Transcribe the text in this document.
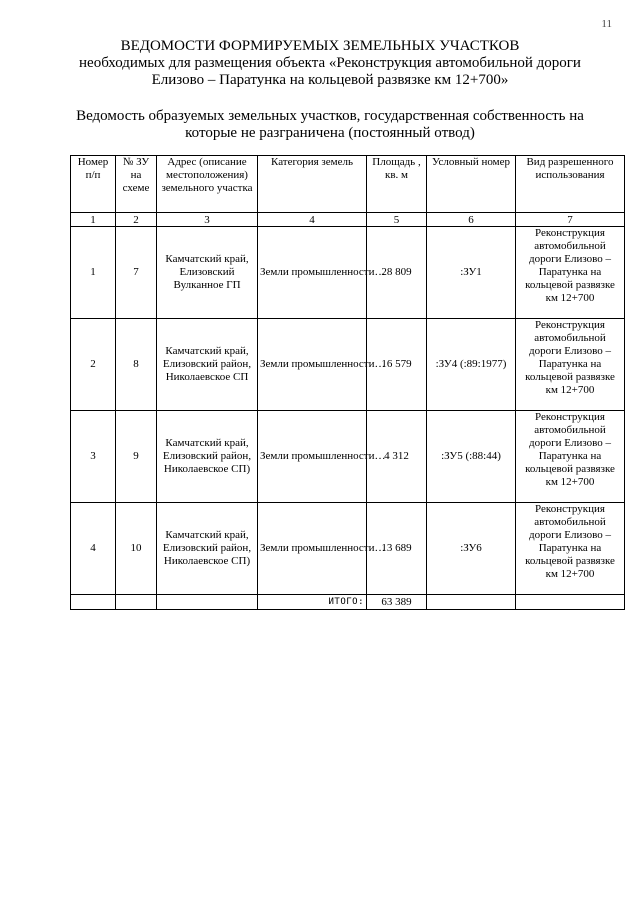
11
ВЕДОМОСТИ ФОРМИРУЕМЫХ ЗЕМЕЛЬНЫХ УЧАСТКОВ
необходимых для размещения объекта «Реконструкция автомобильной дороги Елизово – Паратунка на кольцевой развязке км 12+700»
Ведомость образуемых земельных участков, государственная собственность на которые не разграничена (постоянный отвод)
Номер п/п	№ ЗУ на схеме	Адрес (описание местоположения) земельного участка	Категория земель	Площадь , кв. м	Условный номер	Вид разрешенного использования
1	2	3	4	5	6	7
1	7	Камчатский край, Елизовский Вулканное ГП	Земли промышленности…	28 809	:ЗУ1	Реконструкция автомобильной дороги Елизово – Паратунка на кольцевой развязке км 12+700
2	8	Камчатский край, Елизовский район, Николаевское СП	Земли промышленности…	16 579	:ЗУ4 (:89:1977)	Реконструкция автомобильной дороги Елизово – Паратунка на кольцевой развязке км 12+700
3	9	Камчатский край, Елизовский район, Николаевское СП)	Земли промышленности…	4 312	:ЗУ5 (:88:44)	Реконструкция автомобильной дороги Елизово – Паратунка на кольцевой развязке км 12+700
4	10	Камчатский край, Елизовский район, Николаевское СП)	Земли промышленности…	13 689	:ЗУ6	Реконструкция автомобильной дороги Елизово – Паратунка на кольцевой развязке км 12+700
			ИТОГО:	63 389		
